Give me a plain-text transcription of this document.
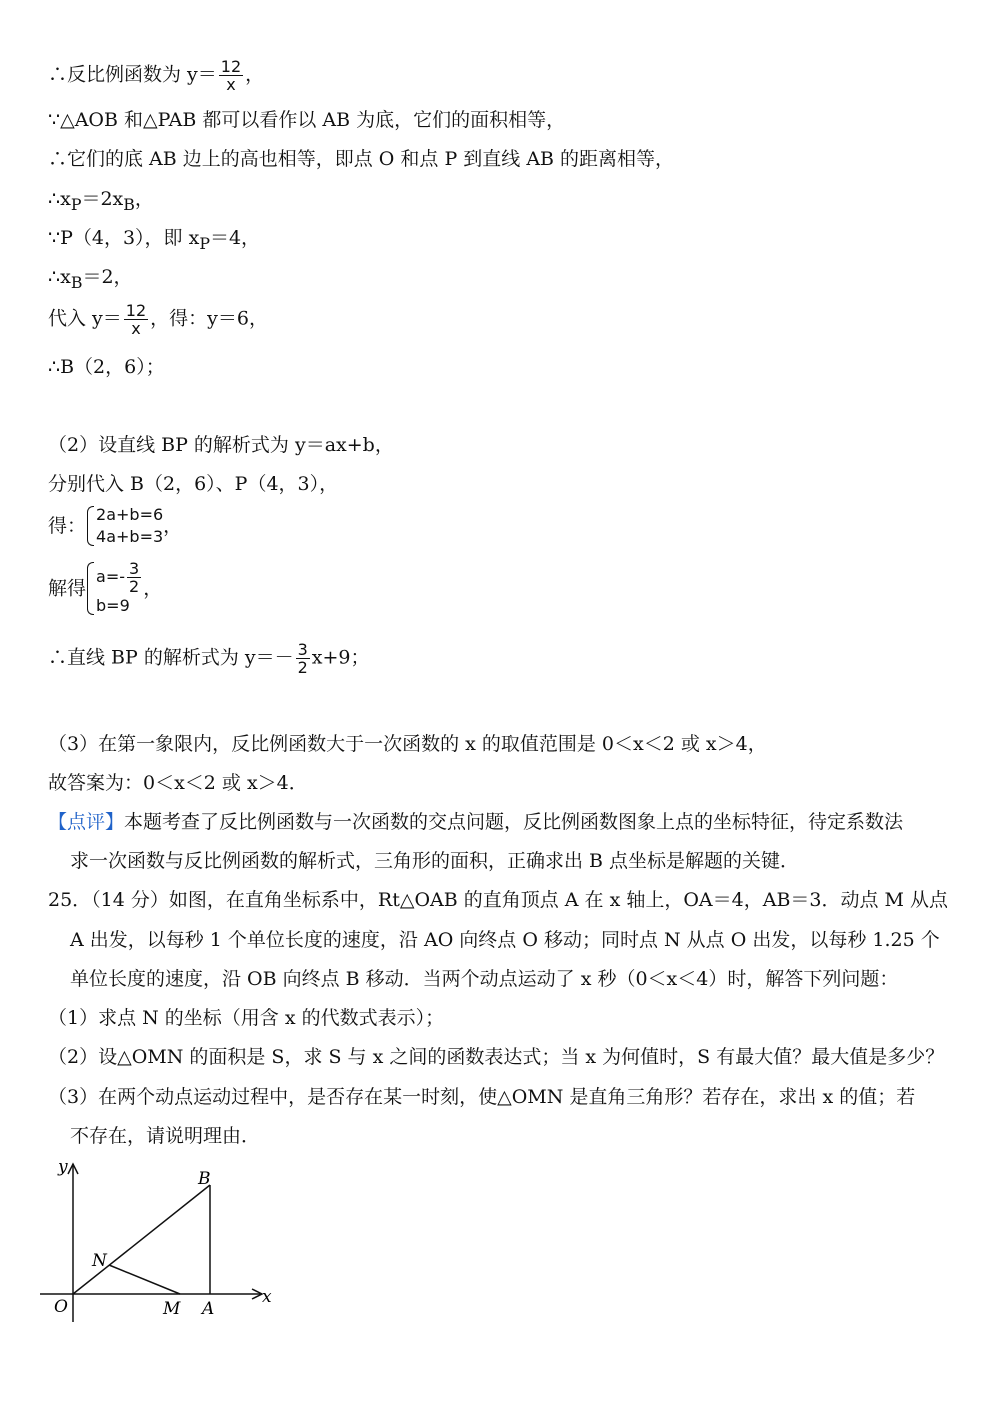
∴反比例函数为 $y= \frac{12}{x}$ ，
∵△AOB 和△PAB 都可以看作以 AB 为底，它们的面积相等，
∴它们的底 AB 边上的高也相等，即点 O 和点 P 到直线 AB 的距离相等，
$\therefore x_P=2x_B$，
∵P（4，3），即 $x_P=4$，
$\therefore x_B=2$，
代入 $y= \frac{12}{x}$ ，得：y＝6，
∴B（2，6）；
（2）设直线 BP 的解析式为 y＝ax+b，
分别代入 B（2，6）、P（4，3），
得：
2a+b=6
4a+b=3 ，
解得
$a=- \frac{3}{2}$
b=9
，
∴直线 BP 的解析式为 $y=- \frac{3}{2} x+9$；
（3）在第一象限内，反比例函数大于一次函数的 x 的取值范围是 0＜x＜2 或 x＞4，
故答案为：0＜x＜2 或 x＞4．
【点评】本题考查了反比例函数与一次函数的交点问题，反比例函数图象上点的坐标特征，待定系数法
求一次函数与反比例函数的解析式，三角形的面积，正确求出 B 点坐标是解题的关键．
25．（14 分）如图，在直角坐标系中，Rt△OAB 的直角顶点 A 在 x 轴上，OA＝4，AB＝3．动点 M 从点
A 出发，以每秒 1 个单位长度的速度，沿 AO 向终点 O 移动；同时点 N 从点 O 出发，以每秒 1.25 个
单位长度的速度，沿 OB 向终点 B 移动．当两个动点运动了 x 秒（0＜x＜4）时，解答下列问题：
（1）求点 N 的坐标（用含 x 的代数式表示）；
（2）设△OMN 的面积是 S，求 S 与 x 之间的函数表达式；当 x 为何值时，S 有最大值？最大值是多少？
（3）在两个动点运动过程中，是否存在某一时刻，使△OMN 是直角三角形？若存在，求出 x 的值；若
不存在，请说明理由．
y
x
O
B
N
M A
